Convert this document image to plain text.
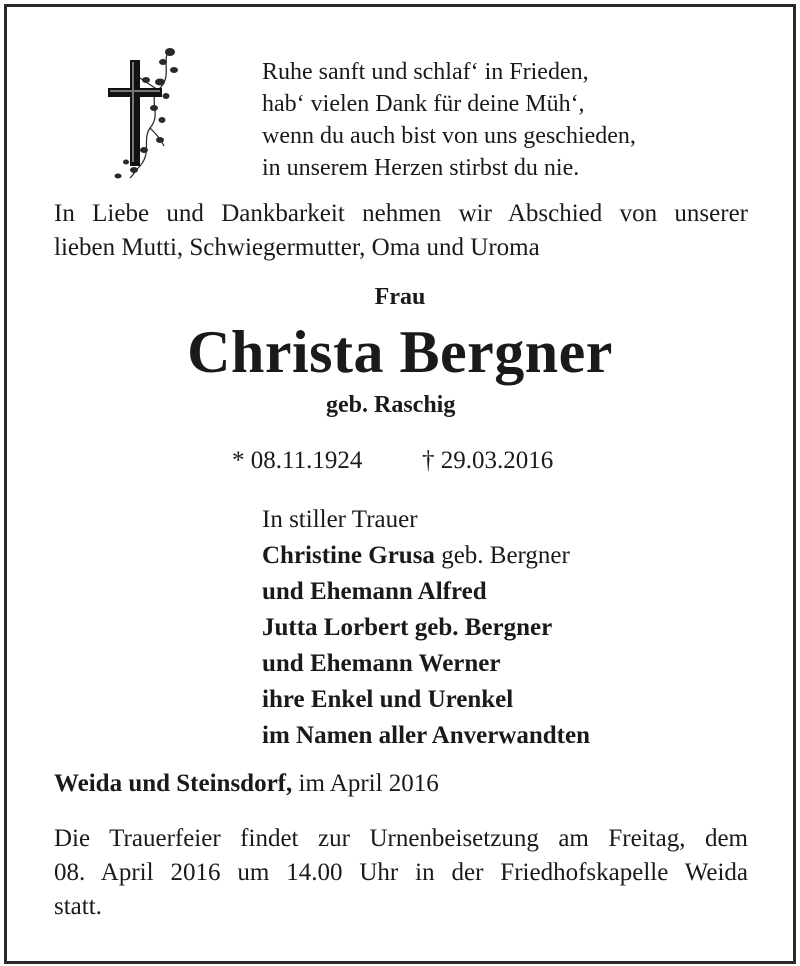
Ruhe sanft und schlaf‘ in Frieden,
hab‘ vielen Dank für deine Müh‘,
wenn du auch bist von uns geschieden,
in unserem Herzen stirbst du nie.
In Liebe und Dankbarkeit nehmen wir Abschied von unserer
lieben Mutti, Schwiegermutter, Oma und Uroma
Frau
Christa Bergner
geb. Raschig
* 08.11.1924 † 29.03.2016
In stiller Trauer
Christine Grusa geb. Bergner
und Ehemann Alfred
Jutta Lorbert geb. Bergner
und Ehemann Werner
ihre Enkel und Urenkel
im Namen aller Anverwandten
Weida und Steinsdorf, im April 2016
Die Trauerfeier findet zur Urnenbeisetzung am Freitag, dem
08. April 2016 um 14.00 Uhr in der Friedhofskapelle Weida
statt.
